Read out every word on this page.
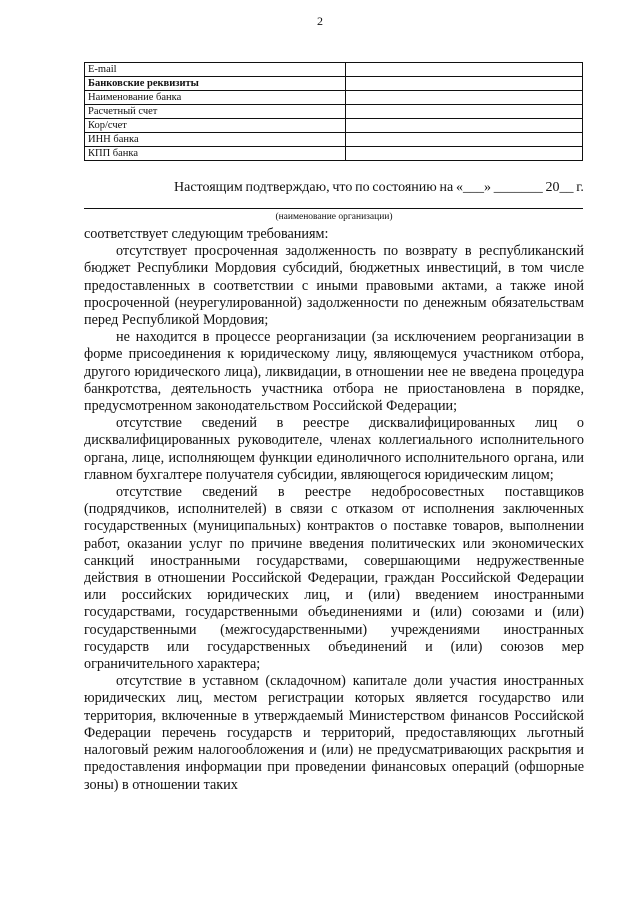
2
E-mail	
Банковские реквизиты	
Наименование банка	
Расчетный счет	
Кор/счет	
ИНН банка	
КПП банка	
Настоящим подтверждаю, что по состоянию на «___» _______ 20__ г.
(наименование организации)

соответствует следующим требованиям:

отсутствует просроченная задолженность по возврату в республиканский бюджет Республики Мордовия субсидий, бюджетных инвестиций, в том числе предоставленных в соответствии с иными правовыми актами, а также иной просроченной (неурегулированной) задолженности по денежным обязательствам перед Республикой Мордовия;

не находится в процессе реорганизации (за исключением реорганизации в форме присоединения к юридическому лицу, являющемуся участником отбора, другого юридического лица), ликвидации, в отношении нее не введена процедура банкротства, деятельность участника отбора не приостановлена в порядке, предусмотренном законодательством Российской Федерации;

отсутствие сведений в реестре дисквалифицированных лиц о дисквалифицированных руководителе, членах коллегиального исполнительного органа, лице, исполняющем функции единоличного исполнительного органа, или главном бухгалтере получателя субсидии, являющегося юридическим лицом;

отсутствие сведений в реестре недобросовестных поставщиков (подрядчиков, исполнителей) в связи с отказом от исполнения заключенных государственных (муниципальных) контрактов о поставке товаров, выполнении работ, оказании услуг по причине введения политических или экономических санкций иностранными государствами, совершающими недружественные действия в отношении Российской Федерации, граждан Российской Федерации или российских юридических лиц, и (или) введением иностранными государствами, государственными объединениями и (или) союзами и (или) государственными (межгосударственными) учреждениями иностранных государств или государственных объединений и (или) союзов мер ограничительного характера;

отсутствие в уставном (складочном) капитале доли участия иностранных юридических лиц, местом регистрации которых является государство или территория, включенные в утверждаемый Министерством финансов Российской Федерации перечень государств и территорий, предоставляющих льготный налоговый режим налогообложения и (или) не предусматривающих раскрытия и предоставления информации при проведении финансовых операций (офшорные зоны) в отношении таких
